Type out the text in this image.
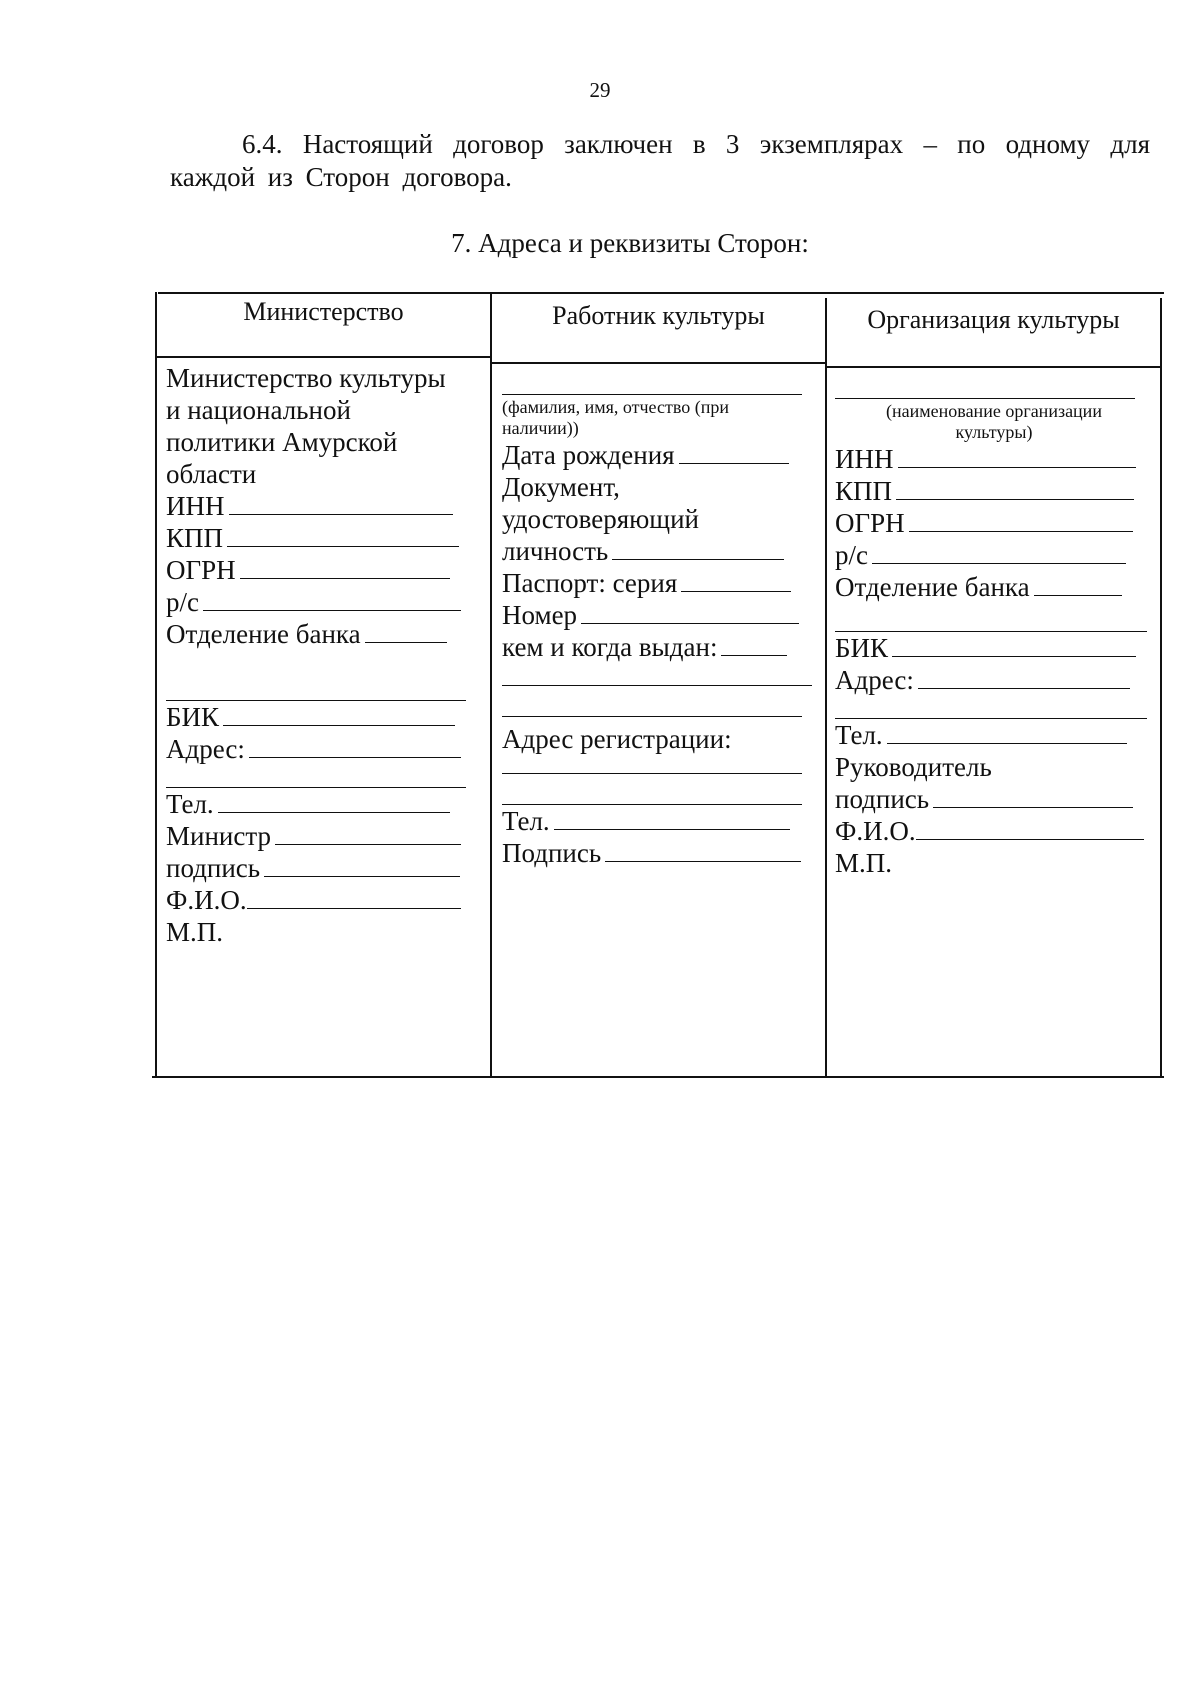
29
6.4. Настоящий договор заключен в 3 экземплярах – по одному для каждой из Сторон договора.
7. Адреса и реквизиты Сторон:
Министерство	Работник культуры	Организация культуры
Министерство культуры
и национальной
политики Амурской
области
ИНН
КПП
ОГРН
р/с
Отделение банка
БИК
Адрес:
Тел.
Министр
подпись
Ф.И.О.
М.П.
(фамилия, имя, отчество (при наличии))
Дата рождения
Документ,
удостоверяющий
личность
Паспорт: серия
Номер
кем и когда выдан:
Адрес регистрации:
Тел.
Подпись
(наименование организации культуры)
ИНН
КПП
ОГРН
р/с
Отделение банка
БИК
Адрес:
Тел.
Руководитель
подпись
Ф.И.О.
М.П.
